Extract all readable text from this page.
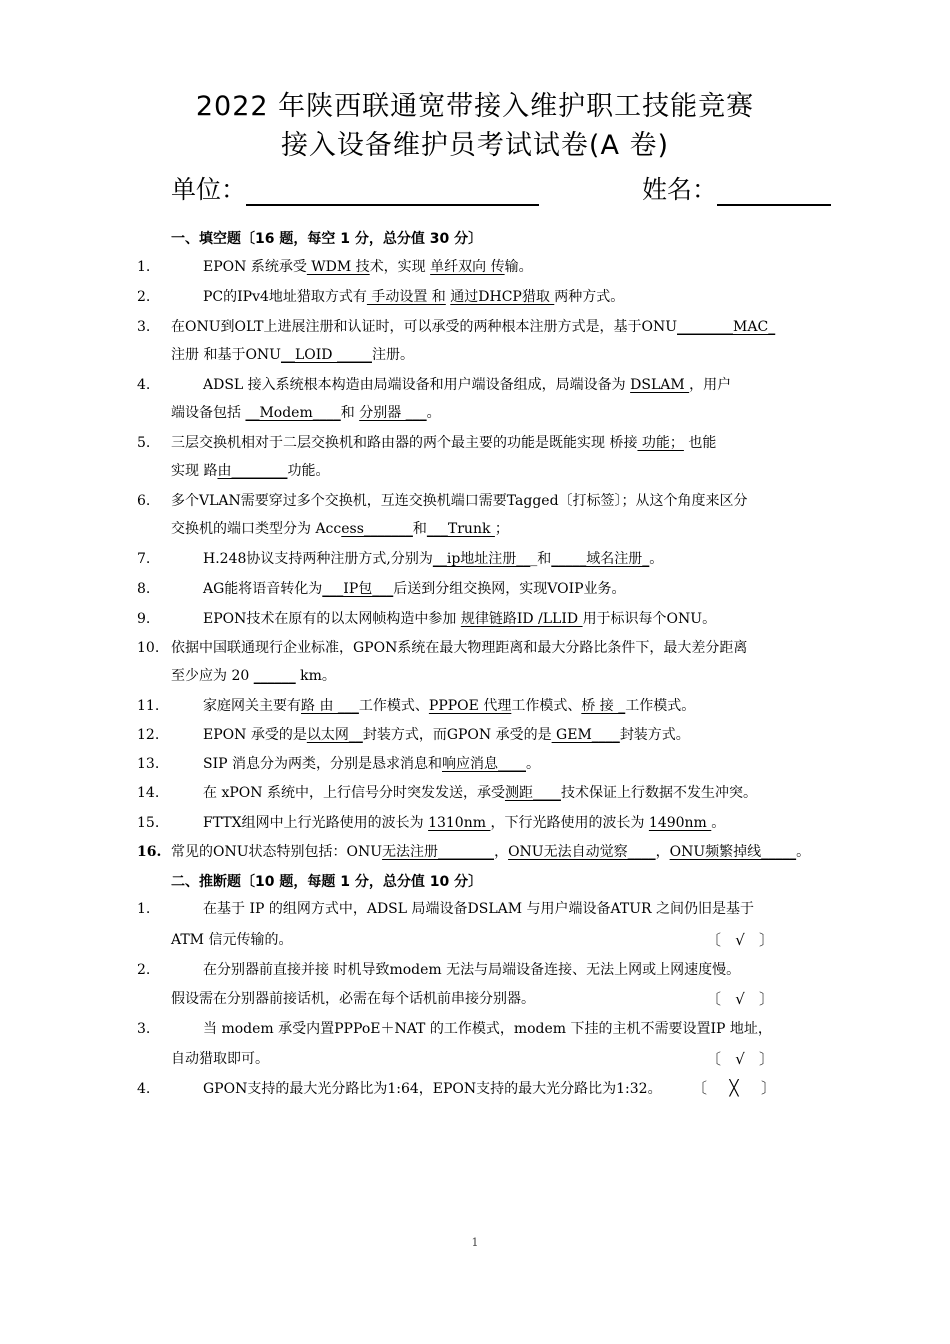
2022 年陕西联通宽带接入维护职工技能竞赛
接入设备维护员考试试卷(A 卷)
单位：	姓名：
一、填空题〔16 题，每空 1 分，总分值 30 分〕
1.	EPON 系统承受 WDM 技术，实现 单纤双向 传输。
2.	PC的IPv4地址猎取方式有 手动设置 和 通过DHCP猎取 两种方式。
3. 在ONU到OLT上进展注册和认证时，可以承受的两种根本注册方式是，基于ONU________MAC_
注册 和基于ONU__LOID _____注册。
4.	ADSL 接入系统根本构造由局端设备和用户端设备组成，局端设备为 DSLAM ，用户
端设备包括 __Modem____和 分别器 ___。
5. 三层交换机相对于二层交换机和路由器的两个最主要的功能是既能实现 桥接 功能； 也能
实现 路由________功能。
6. 多个VLAN需要穿过多个交换机，互连交换机端口需要Tagged〔打标签〕；从这个角度来区分
交换机的端口类型分为 Access_______和___Trunk ；
7.	H.248协议支持两种注册方式,分别为__ip地址注册___和_____域名注册_。
8.	AG能将语音转化为___IP包___后送到分组交换网，实现VOIP业务。
9.	EPON技术在原有的以太网帧构造中参加 规律链路ID /LLID 用于标识每个ONU。
10. 依据中国联通现行企业标准，GPON系统在最大物理距离和最大分路比条件下，最大差分距离
至少应为 20 ______ km。
11.	家庭网关主要有路 由 ___工作模式、PPPOE 代理工作模式、桥 接 _工作模式。
12.	EPON 承受的是以太网__封装方式，而GPON 承受的是 GEM____封装方式。
13.	SIP 消息分为两类，分别是恳求消息和响应消息____。
14.	在 xPON 系统中，上行信号分时突发发送，承受测距____技术保证上行数据不发生冲突。
15.	FTTX组网中上行光路使用的波长为 1310nm ，下行光路使用的波长为 1490nm 。
16. 常见的ONU状态特别包括：ONU无法注册________，ONU无法自动觉察____，ONU频繁掉线_____。
二、推断题〔10 题，每题 1 分，总分值 10 分〕
1.	在基于 IP 的组网方式中，ADSL 局端设备DSLAM 与用户端设备ATUR 之间仍旧是基于
ATM 信元传输的。	〔 √ 〕
2.	在分别器前直接并接 时机导致modem 无法与局端设备连接、无法上网或上网速度慢。
假设需在分别器前接话机，必需在每个话机前串接分别器。	〔 √ 〕
3.	当 modem 承受内置PPPoE＋NAT 的工作模式，modem 下挂的主机不需要设置IP 地址，
自动猎取即可。	〔 √ 〕
4.	GPON支持的最大光分路比为1:64，EPON支持的最大光分路比为1:32。 〔 ╳ 〕
1
